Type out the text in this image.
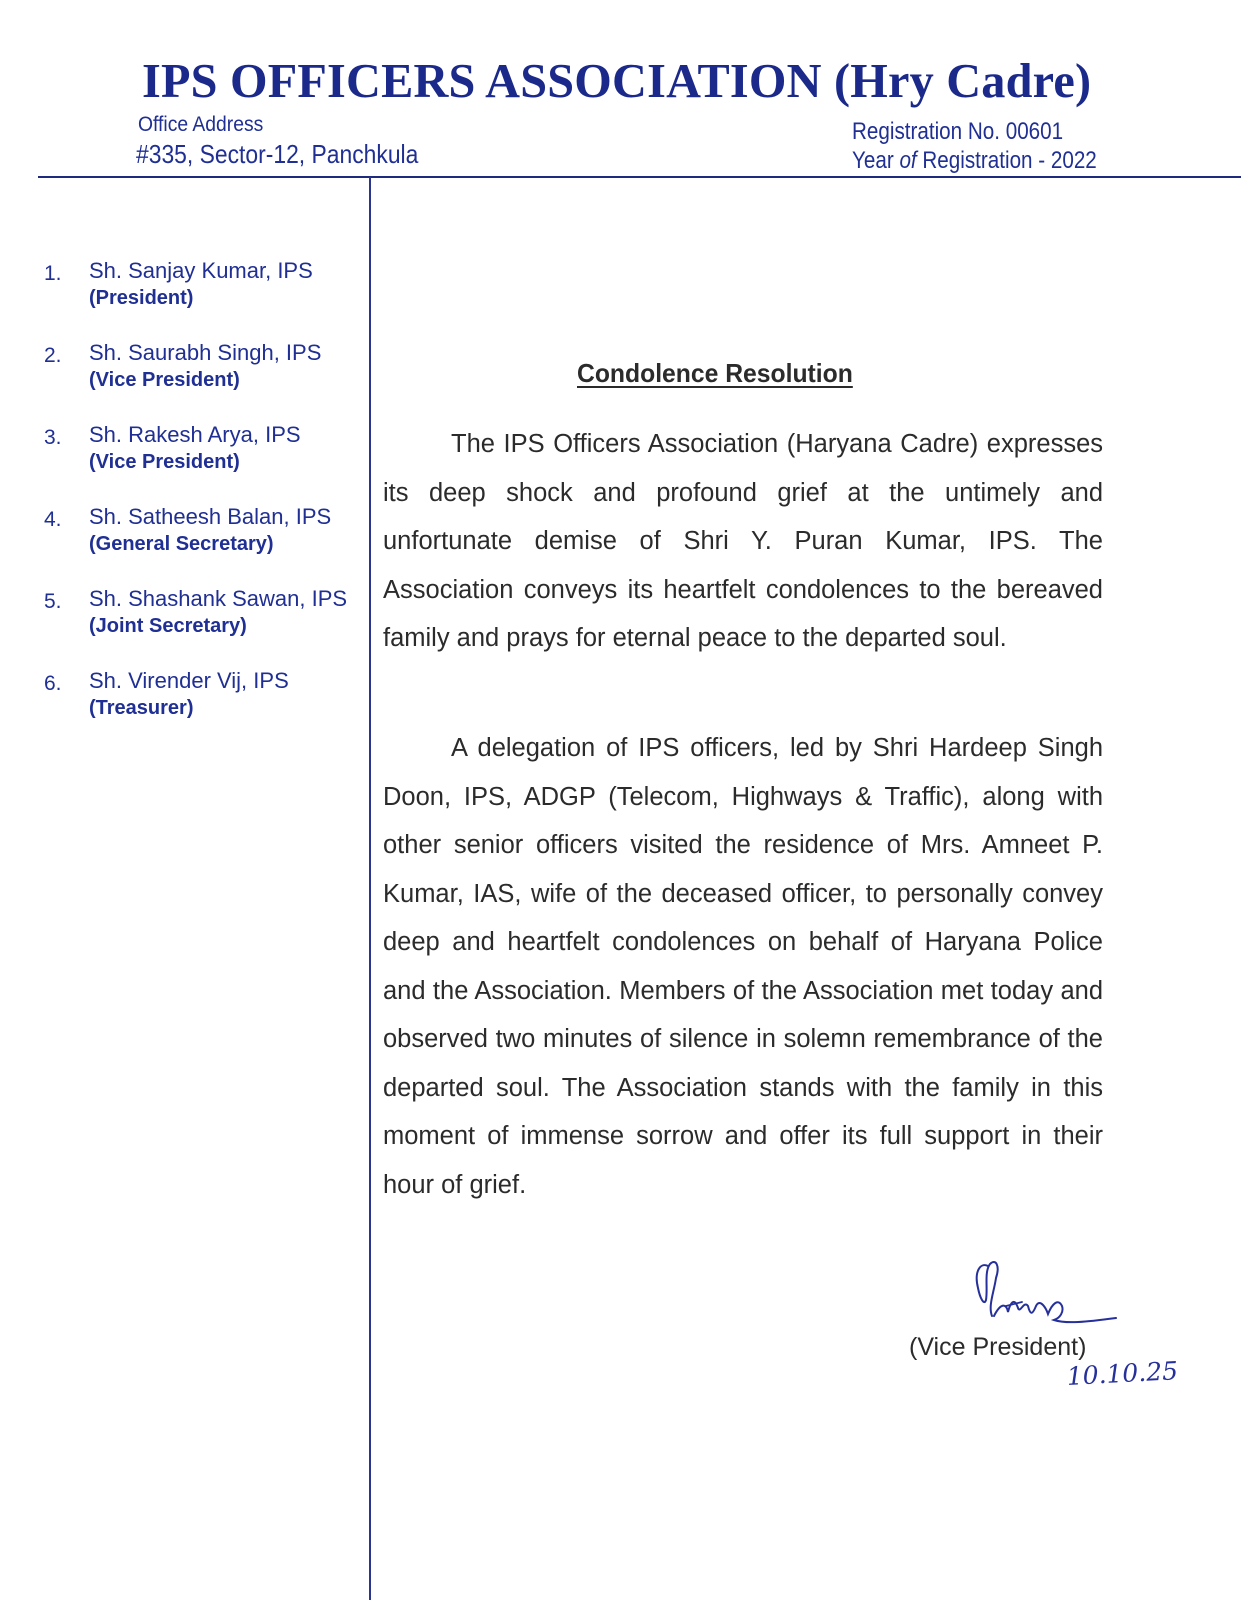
IPS OFFICERS ASSOCIATION (Hry Cadre)
Office Address
#335, Sector-12, Panchkula
Registration No. 00601
Year of Registration - 2022
1. Sh. Sanjay Kumar, IPS
(President)
2. Sh. Saurabh Singh, IPS
(Vice President)
3. Sh. Rakesh Arya, IPS
(Vice President)
4. Sh. Satheesh Balan, IPS
(General Secretary)
5. Sh. Shashank Sawan, IPS
(Joint Secretary)
6. Sh. Virender Vij, IPS
(Treasurer)
Condolence Resolution

The IPS Officers Association (Haryana Cadre) expresses its deep shock and profound grief at the untimely and unfortunate demise of Shri Y. Puran Kumar, IPS. The Association conveys its heartfelt condolences to the bereaved family and prays for eternal peace to the departed soul.

A delegation of IPS officers, led by Shri Hardeep Singh Doon, IPS, ADGP (Telecom, Highways & Traffic), along with other senior officers visited the residence of Mrs. Amneet P. Kumar, IAS, wife of the deceased officer, to personally convey deep and heartfelt condolences on behalf of Haryana Police and the Association. Members of the Association met today and observed two minutes of silence in solemn remembrance of the departed soul. The Association stands with the family in this moment of immense sorrow and offer its full support in their hour of grief.

(Vice President)
10.10.25
